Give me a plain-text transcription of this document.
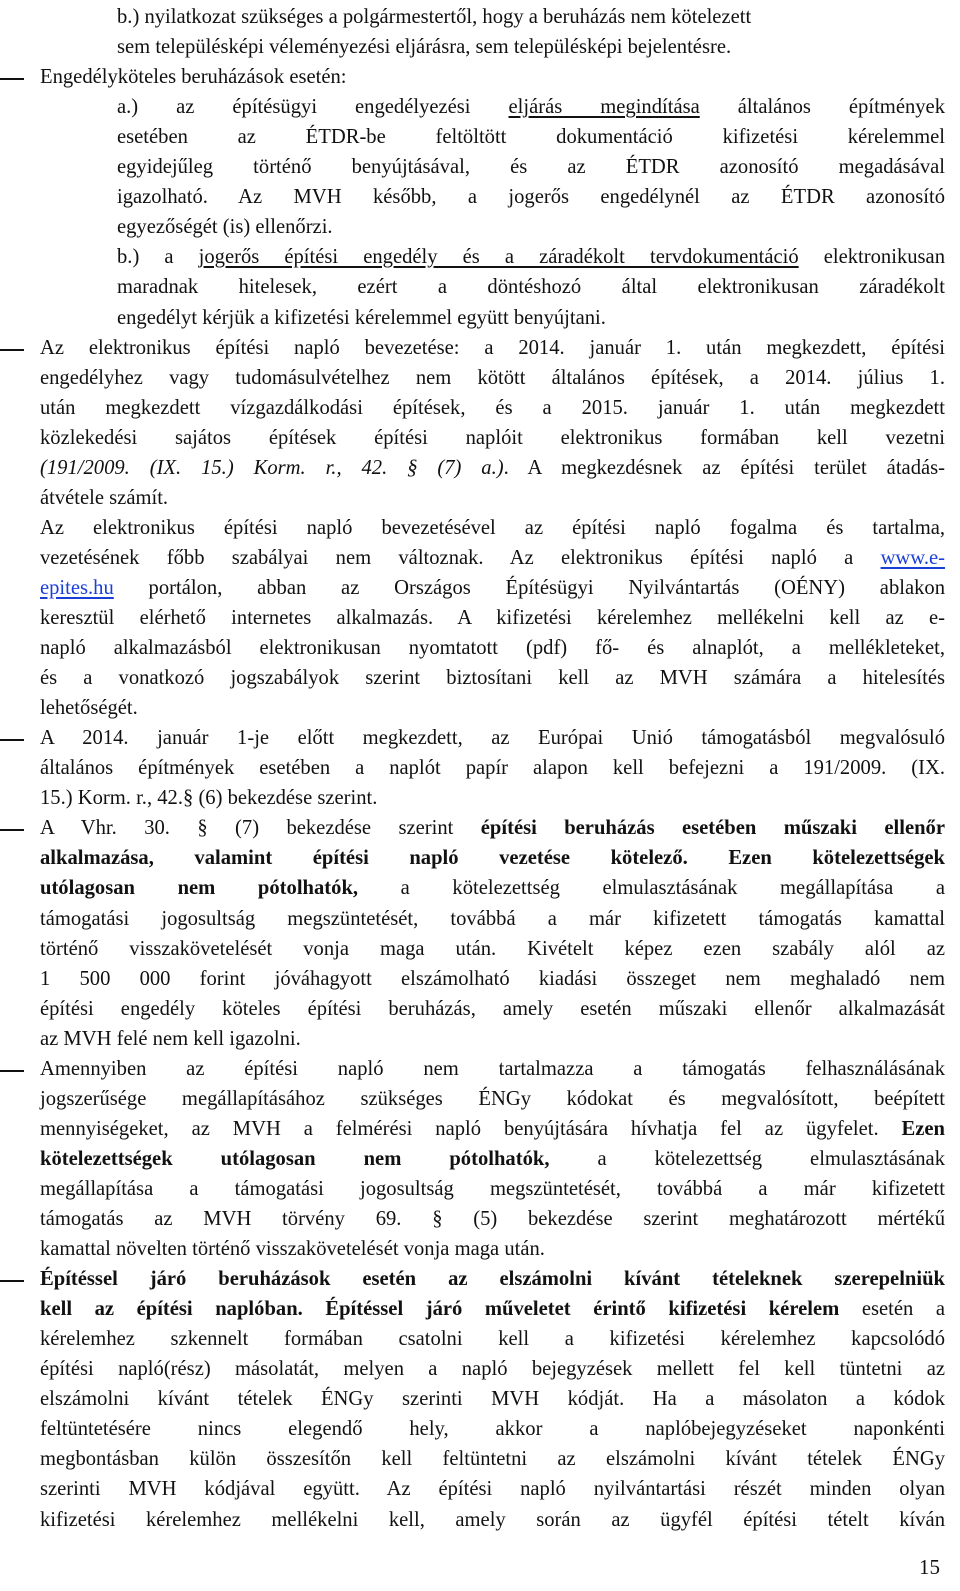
b.) nyilatkozat szükséges a polgármestertől, hogy a beruházás nem kötelezett
sem településképi véleményezési eljárásra, sem településképi bejelentésre.
Engedélyköteles beruházások esetén:
a.) az építésügyi engedélyezési eljárás megindítása általános építmények
esetében az ÉTDR-be feltöltött dokumentáció kifizetési kérelemmel
egyidejűleg történő benyújtásával, és az ÉTDR azonosító megadásával
igazolható. Az MVH később, a jogerős engedélynél az ÉTDR azonosító
egyezőségét (is) ellenőrzi.
b.) a jogerős építési engedély és a záradékolt tervdokumentáció elektronikusan
maradnak hitelesek, ezért a döntéshozó által elektronikusan záradékolt
engedélyt kérjük a kifizetési kérelemmel együtt benyújtani.
Az elektronikus építési napló bevezetése: a 2014. január 1. után megkezdett, építési
engedélyhez vagy tudomásulvételhez nem kötött általános építések, a 2014. július 1.
után megkezdett vízgazdálkodási építések, és a 2015. január 1. után megkezdett
közlekedési sajátos építések építési naplóit elektronikus formában kell vezetni
(191/2009. (IX. 15.) Korm. r., 42. § (7) a.). A megkezdésnek az építési terület átadás-
átvétele számít.
Az elektronikus építési napló bevezetésével az építési napló fogalma és tartalma,
vezetésének főbb szabályai nem változnak. Az elektronikus építési napló a www.e-
epites.hu portálon, abban az Országos Építésügyi Nyilvántartás (OÉNY) ablakon
keresztül elérhető internetes alkalmazás. A kifizetési kérelemhez mellékelni kell az e-
napló alkalmazásból elektronikusan nyomtatott (pdf) fő- és alnaplót, a mellékleteket,
és a vonatkozó jogszabályok szerint biztosítani kell az MVH számára a hitelesítés
lehetőségét.
A 2014. január 1-je előtt megkezdett, az Európai Unió támogatásból megvalósuló
általános építmények esetében a naplót papír alapon kell befejezni a 191/2009. (IX.
15.) Korm. r., 42.§ (6) bekezdése szerint.
A Vhr. 30. § (7) bekezdése szerint építési beruházás esetében műszaki ellenőr
alkalmazása, valamint építési napló vezetése kötelező. Ezen kötelezettségek
utólagosan nem pótolhatók, a kötelezettség elmulasztásának megállapítása a
támogatási jogosultság megszüntetését, továbbá a már kifizetett támogatás kamattal
történő visszakövetelését vonja maga után. Kivételt képez ezen szabály alól az
1 500 000 forint jóváhagyott elszámolható kiadási összeget nem meghaladó nem
építési engedély köteles építési beruházás, amely esetén műszaki ellenőr alkalmazását
az MVH felé nem kell igazolni.
Amennyiben az építési napló nem tartalmazza a támogatás felhasználásának
jogszerűsége megállapításához szükséges ÉNGy kódokat és megvalósított, beépített
mennyiségeket, az MVH a felmérési napló benyújtására hívhatja fel az ügyfelet. Ezen
kötelezettségek utólagosan nem pótolhatók, a kötelezettség elmulasztásának
megállapítása a támogatási jogosultság megszüntetését, továbbá a már kifizetett
támogatás az MVH törvény 69. § (5) bekezdése szerint meghatározott mértékű
kamattal növelten történő visszakövetelését vonja maga után.
Építéssel járó beruházások esetén az elszámolni kívánt tételeknek szerepelniük
kell az építési naplóban. Építéssel járó műveletet érintő kifizetési kérelem esetén a
kérelemhez szkennelt formában csatolni kell a kifizetési kérelemhez kapcsolódó
építési napló(rész) másolatát, melyen a napló bejegyzések mellett fel kell tüntetni az
elszámolni kívánt tételek ÉNGy szerinti MVH kódját. Ha a másolaton a kódok
feltüntetésére nincs elegendő hely, akkor a naplóbejegyzéseket naponkénti
megbontásban külön összesítőn kell feltüntetni az elszámolni kívánt tételek ÉNGy
szerinti MVH kódjával együtt. Az építési napló nyilvántartási részét minden olyan
kifizetési kérelemhez mellékelni kell, amely során az ügyfél építési tételt kíván
15
